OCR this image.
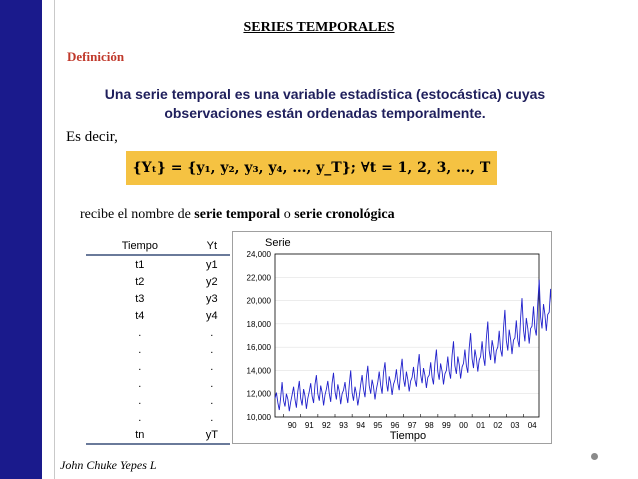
SERIES TEMPORALES
Definición
Una serie temporal es una variable estadística (estocástica) cuyas observaciones están ordenadas temporalmente.
Es decir,
{Yₜ} = {y₁, y₂, y₃, y₄, …, y_T}; ∀t = 1, 2, 3, …, T
recibe el nombre de serie temporal o serie cronológica
Tiempo	Yt
t1	y1
t2	y2
t3	y3
t4	y4
.	.
.	.
.	.
.	.
.	.
.	.
tn	yT
Serie
Tiempo
10,000
12,000
14,000
16,000
18,000
20,000
22,000
24,000
90 91 92 93 94 95 96 97 98 99 00 01 02 03 04
John Chuke Yepes L
